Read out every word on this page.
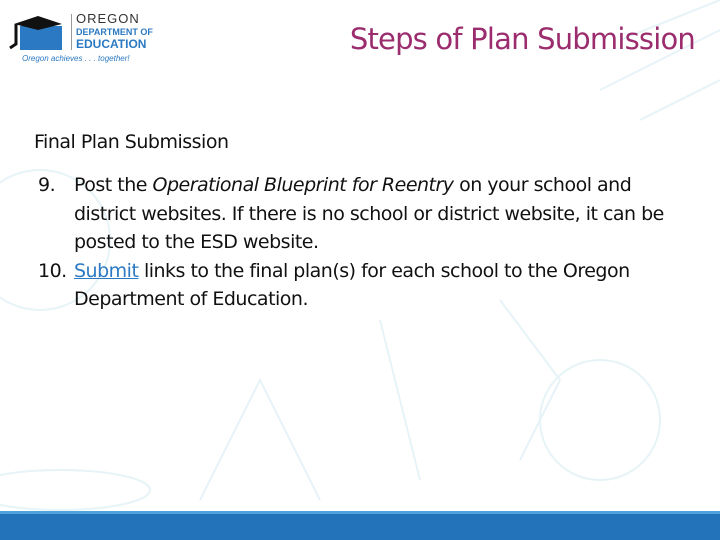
OREGON
DEPARTMENT OF
EDUCATION
Oregon achieves . . . together!
Steps of Plan Submission
Final Plan Submission
9. Post the Operational Blueprint for Reentry on your school and district websites. If there is no school or district website, it can be posted to the ESD website.
10. Submit links to the final plan(s) for each school to the Oregon Department of Education.
